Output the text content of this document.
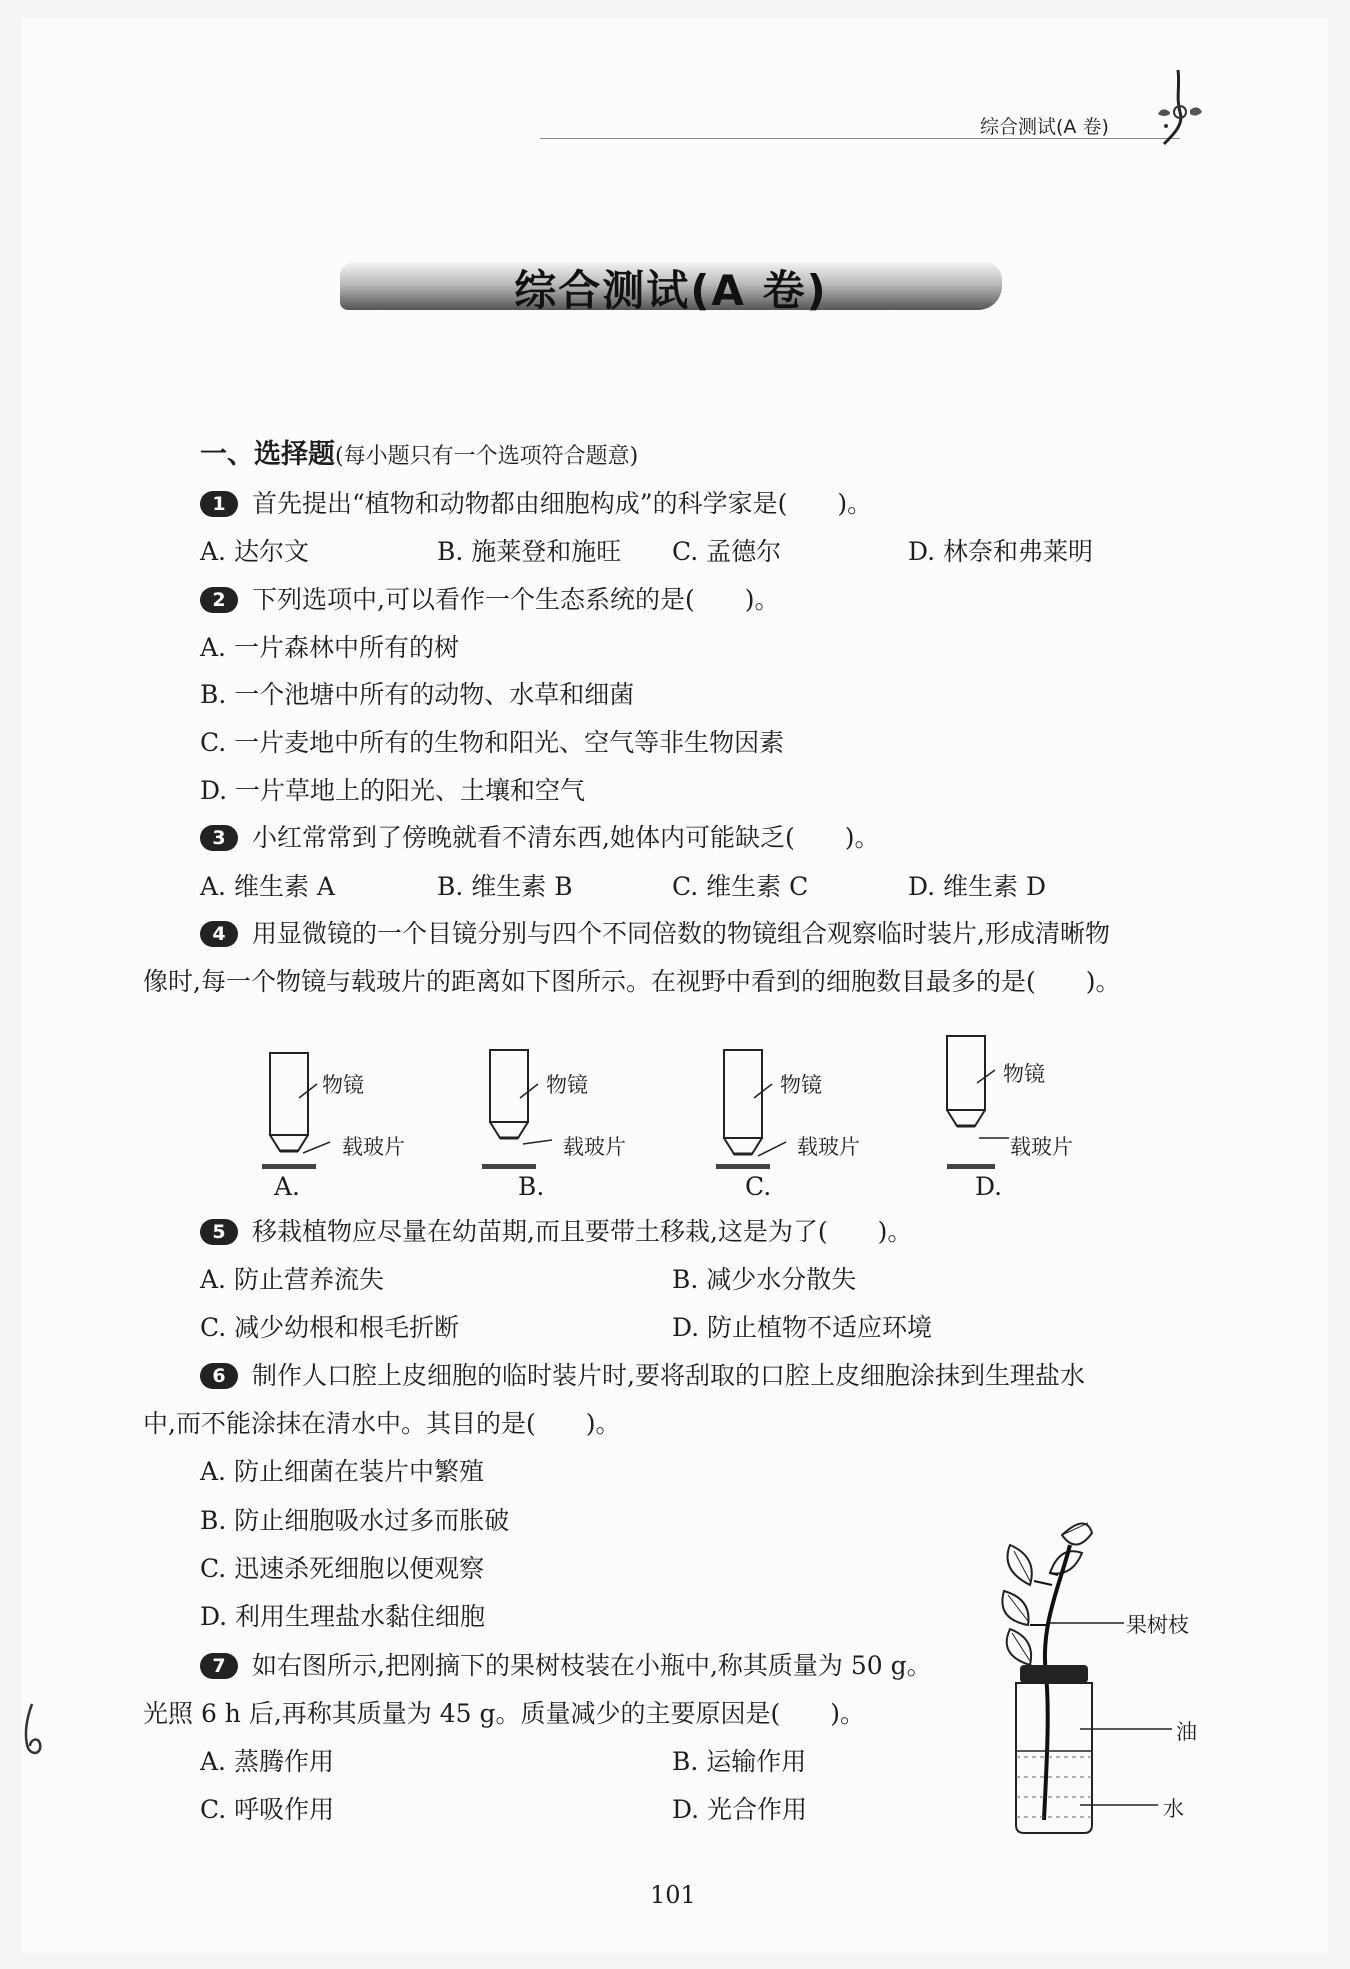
综合测试(A 卷)
综合测试(A 卷)
一、选择题(每小题只有一个选项符合题意)
1 首先提出“植物和动物都由细胞构成”的科学家是(　　)。
A. 达尔文	B. 施莱登和施旺 C. 孟德尔	D. 林奈和弗莱明
2 下列选项中,可以看作一个生态系统的是(　　)。
A. 一片森林中所有的树
B. 一个池塘中所有的动物、水草和细菌
C. 一片麦地中所有的生物和阳光、空气等非生物因素
D. 一片草地上的阳光、土壤和空气
3 小红常常到了傍晚就看不清东西,她体内可能缺乏(　　)。
A. 维生素 A	B. 维生素 B	C. 维生素 C	D. 维生素 D
4 用显微镜的一个目镜分别与四个不同倍数的物镜组合观察临时装片,形成清晰物
像时,每一个物镜与载玻片的距离如下图所示。在视野中看到的细胞数目最多的是(　　)。
物镜
载玻片
A.
物镜
载玻片
B.
物镜
载玻片
C.
物镜
载玻片
D.
5 移栽植物应尽量在幼苗期,而且要带土移栽,这是为了(　　)。
A. 防止营养流失	B. 减少水分散失
C. 减少幼根和根毛折断	D. 防止植物不适应环境
6 制作人口腔上皮细胞的临时装片时,要将刮取的口腔上皮细胞涂抹到生理盐水
中,而不能涂抹在清水中。其目的是(　　)。
A. 防止细菌在装片中繁殖
B. 防止细胞吸水过多而胀破
C. 迅速杀死细胞以便观察
D. 利用生理盐水黏住细胞
7 如右图所示,把刚摘下的果树枝装在小瓶中,称其质量为 50 g。
光照 6 h 后,再称其质量为 45 g。质量减少的主要原因是(　　)。
A. 蒸腾作用	B. 运输作用
C. 呼吸作用	D. 光合作用
果树枝
油
水
101
